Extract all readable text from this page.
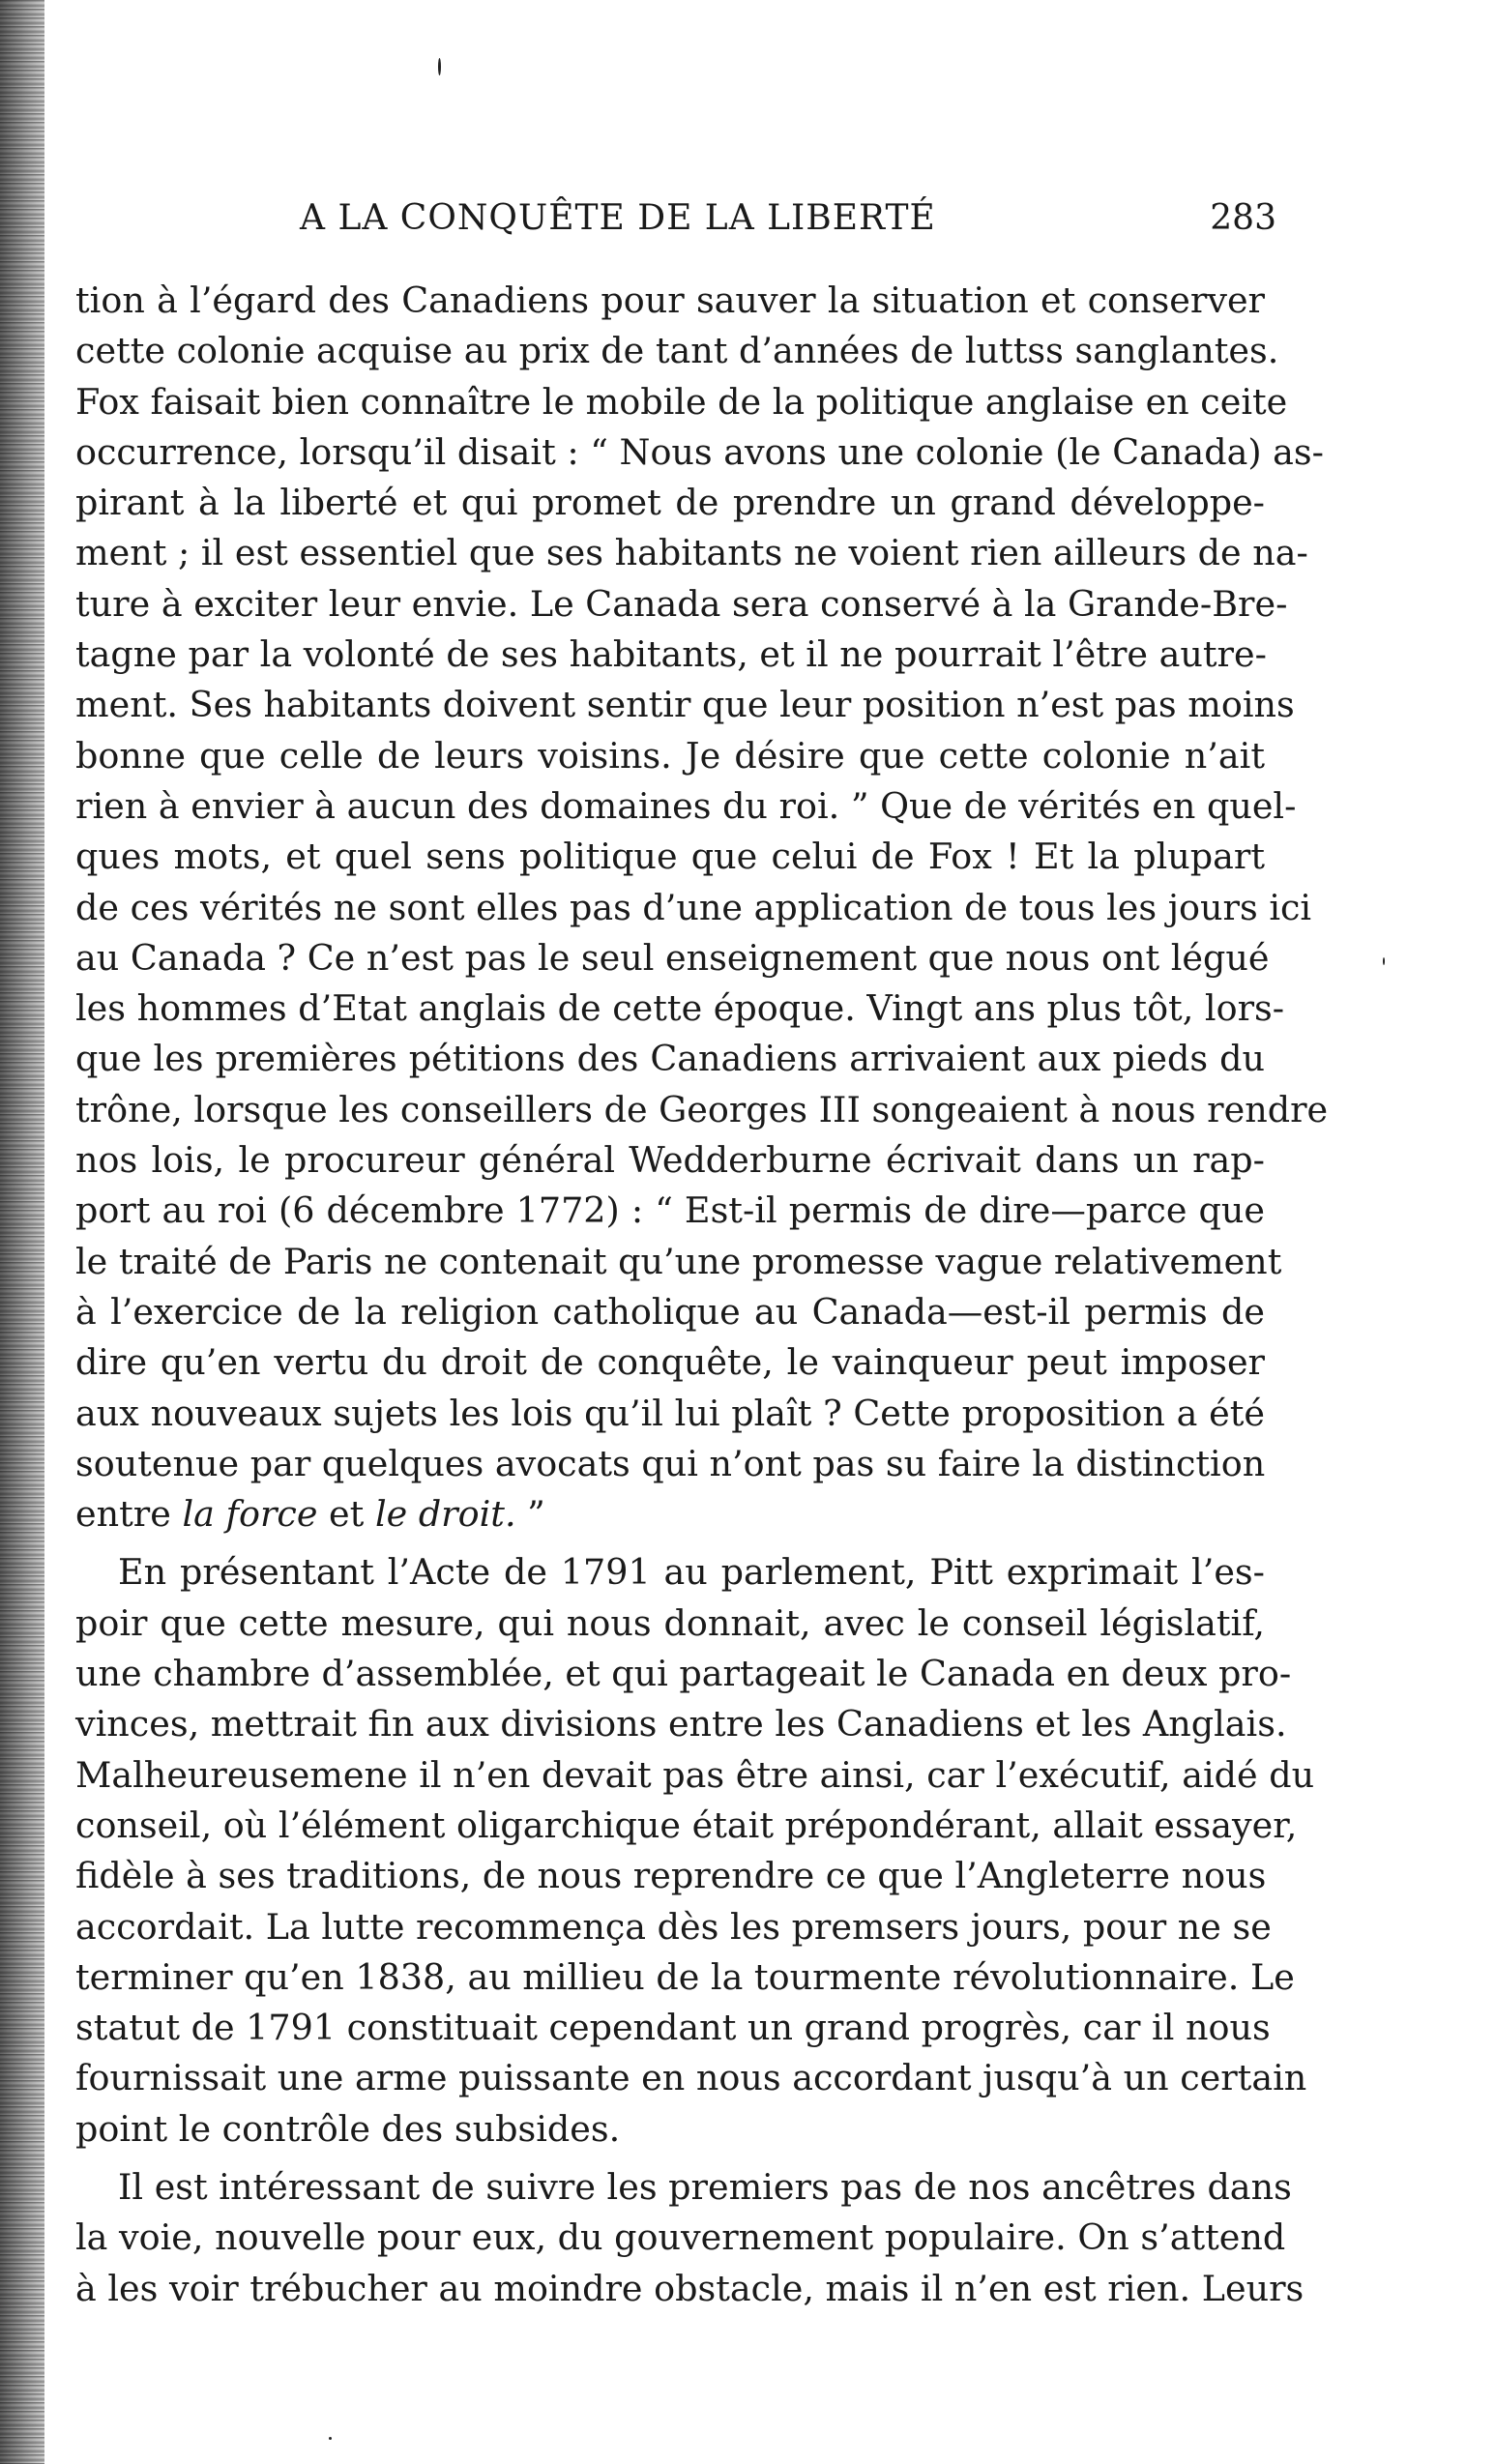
A LA CONQUÊTE DE LA LIBERTÉ	283
tion à l’égard des Canadiens pour sauver la situation et conserver
cette colonie acquise au prix de tant d’années de luttss sanglantes.
Fox faisait bien connaître le mobile de la politique anglaise en ceite
occurrence, lorsqu’il disait : “ Nous avons une colonie (le Canada) as-
pirant à la liberté et qui promet de prendre un grand développe-
ment ; il est essentiel que ses habitants ne voient rien ailleurs de na-
ture à exciter leur envie. Le Canada sera conservé à la Grande-Bre-
tagne par la volonté de ses habitants, et il ne pourrait l’être autre-
ment. Ses habitants doivent sentir que leur position n’est pas moins
bonne que celle de leurs voisins. Je désire que cette colonie n’ait
rien à envier à aucun des domaines du roi. ” Que de vérités en quel-
ques mots, et quel sens politique que celui de Fox ! Et la plupart
de ces vérités ne sont elles pas d’une application de tous les jours ici
au Canada ? Ce n’est pas le seul enseignement que nous ont légué
les hommes d’Etat anglais de cette époque. Vingt ans plus tôt, lors-
que les premières pétitions des Canadiens arrivaient aux pieds du
trône, lorsque les conseillers de Georges III songeaient à nous rendre
nos lois, le procureur général Wedderburne écrivait dans un rap-
port au roi (6 décembre 1772) : “ Est-il permis de dire—parce que
le traité de Paris ne contenait qu’une promesse vague relativement
à l’exercice de la religion catholique au Canada—est-il permis de
dire qu’en vertu du droit de conquête, le vainqueur peut imposer
aux nouveaux sujets les lois qu’il lui plaît ? Cette proposition a été
soutenue par quelques avocats qui n’ont pas su faire la distinction
entre la force et le droit. ”
En présentant l’Acte de 1791 au parlement, Pitt exprimait l’es-
poir que cette mesure, qui nous donnait, avec le conseil législatif,
une chambre d’assemblée, et qui partageait le Canada en deux pro-
vinces, mettrait fin aux divisions entre les Canadiens et les Anglais.
Malheureusemene il n’en devait pas être ainsi, car l’exécutif, aidé du
conseil, où l’élément oligarchique était prépondérant, allait essayer,
fidèle à ses traditions, de nous reprendre ce que l’Angleterre nous
accordait. La lutte recommença dès les premsers jours, pour ne se
terminer qu’en 1838, au millieu de la tourmente révolutionnaire. Le
statut de 1791 constituait cependant un grand progrès, car il nous
fournissait une arme puissante en nous accordant jusqu’à un certain
point le contrôle des subsides.
Il est intéressant de suivre les premiers pas de nos ancêtres dans
la voie, nouvelle pour eux, du gouvernement populaire. On s’attend
à les voir trébucher au moindre obstacle, mais il n’en est rien. Leurs
